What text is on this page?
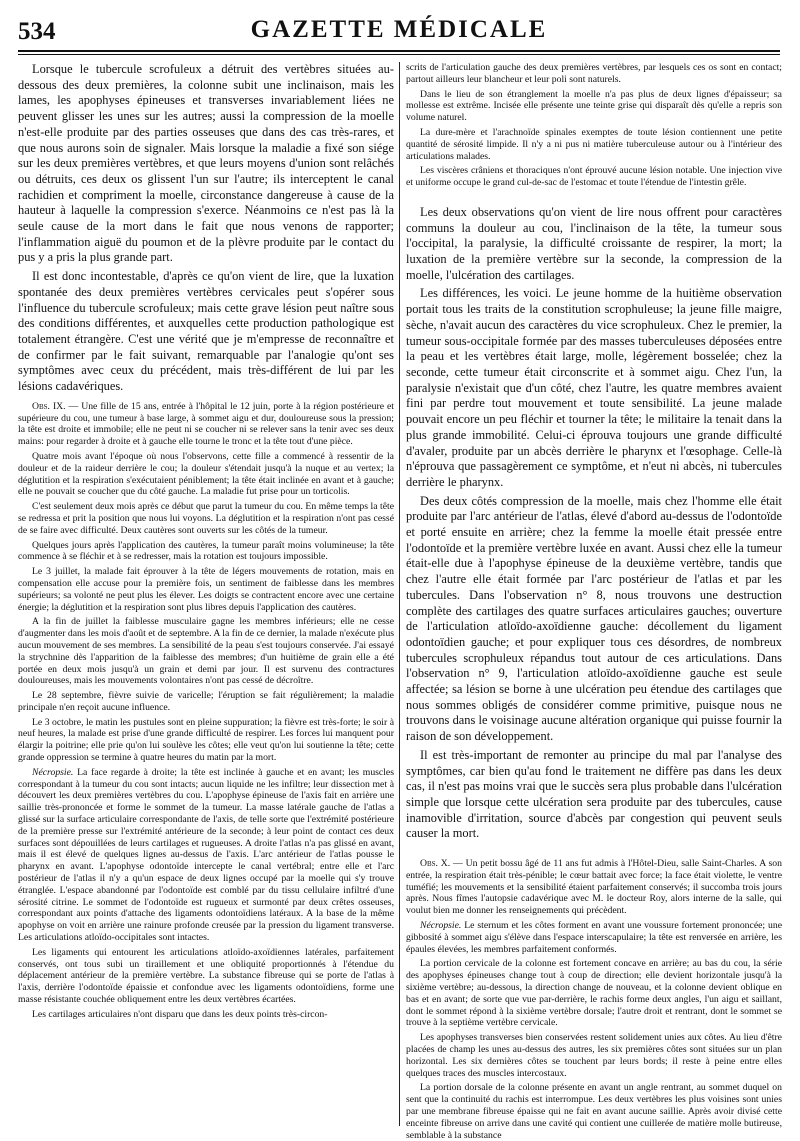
534	GAZETTE MÉDICALE

Lorsque le tubercule scrofuleux a détruit des vertèbres situées au-dessous des deux premières, la colonne subit une inclinaison, mais les lames, les apophyses épineuses et transverses invariablement liées ne peuvent glisser les unes sur les autres; aussi la compression de la moelle n'est-elle produite par des parties osseuses que dans des cas très-rares, et que nous aurons soin de signaler. Mais lorsque la maladie a fixé son siége sur les deux premières vertèbres, et que leurs moyens d'union sont relâchés ou détruits, ces deux os glissent l'un sur l'autre; ils interceptent le canal rachidien et compriment la moelle, circonstance dangereuse à cause de la hauteur à laquelle la compression s'exerce. Néanmoins ce n'est pas là la seule cause de la mort dans le fait que nous venons de rapporter; l'inflammation aiguë du poumon et de la plèvre produite par le contact du pus y a pris la plus grande part.

Il est donc incontestable, d'après ce qu'on vient de lire, que la luxation spontanée des deux premières vertèbres cervicales peut s'opérer sous l'influence du tubercule scrofuleux; mais cette grave lésion peut naître sous des conditions différentes, et auxquelles cette production pathologique est totalement étrangère. C'est une vérité que je m'empresse de reconnaître et de confirmer par le fait suivant, remarquable par l'analogie qu'ont ses symptômes avec ceux du précédent, mais très-différent de lui par les lésions cadavériques.

Obs. IX. — Une fille de 15 ans, entrée à l'hôpital le 12 juin, porte à la région postérieure et supérieure du cou, une tumeur à base large, à sommet aigu et dur, douloureuse sous la pression; la tête est droite et immobile; elle ne peut ni se coucher ni se relever sans la tenir avec ses deux mains: pour regarder à droite et à gauche elle tourne le tronc et la tête tout d'une pièce.

Quatre mois avant l'époque où nous l'observons, cette fille a commencé à ressentir de la douleur et de la raideur derrière le cou; la douleur s'étendait jusqu'à la nuque et au vertex; la déglutition et la respiration s'exécutaient péniblement; la tête était inclinée en avant et à gauche; elle ne pouvait se coucher que du côté gauche. La maladie fut prise pour un torticolis.

C'est seulement deux mois après ce début que parut la tumeur du cou. En même temps la tête se redressa et prit la position que nous lui voyons. La déglutition et la respiration n'ont pas cessé de se faire avec difficulté. Deux cautères sont ouverts sur les côtés de la tumeur.

Quelques jours après l'application des cautères, la tumeur paraît moins volumineuse; la tête commence à se fléchir et à se redresser, mais la rotation est toujours impossible.

Le 3 juillet, la malade fait éprouver à la tête de légers mouvements de rotation, mais en compensation elle accuse pour la première fois, un sentiment de faiblesse dans les membres supérieurs; sa volonté ne peut plus les élever. Les doigts se contractent encore avec une certaine énergie; la déglutition et la respiration sont plus libres depuis l'application des cautères.

A la fin de juillet la faiblesse musculaire gagne les membres inférieurs; elle ne cesse d'augmenter dans les mois d'août et de septembre. A la fin de ce dernier, la malade n'exécute plus aucun mouvement de ses membres. La sensibilité de la peau s'est toujours conservée. J'ai essayé la strychnine dès l'apparition de la faiblesse des membres; d'un huitième de grain elle a été portée en deux mois jusqu'à un grain et demi par jour. Il est survenu des contractures douloureuses, mais les mouvements volontaires n'ont pas cessé de décroître.

Le 28 septembre, fièvre suivie de varicelle; l'éruption se fait régulièrement; la maladie principale n'en reçoit aucune influence.

Le 3 octobre, le matin les pustules sont en pleine suppuration; la fièvre est très-forte; le soir à neuf heures, la malade est prise d'une grande difficulté de respirer. Les forces lui manquent pour élargir la poitrine; elle prie qu'on lui soulève les côtes; elle veut qu'on lui soutienne la tête; cette grande oppression se termine à quatre heures du matin par la mort.

Nécropsie. La face regarde à droite; la tête est inclinée à gauche et en avant; les muscles correspondant à la tumeur du cou sont intacts; aucun liquide ne les infiltre; leur dissection met à découvert les deux premières vertèbres du cou. L'apophyse épineuse de l'axis fait en arrière une saillie très-prononcée et forme le sommet de la tumeur. La masse latérale gauche de l'atlas a glissé sur la surface articulaire correspondante de l'axis, de telle sorte que l'extrémité postérieure de la première presse sur l'extrémité antérieure de la seconde; à leur point de contact ces deux surfaces sont dépouillées de leurs cartilages et rugueuses. A droite l'atlas n'a pas glissé en avant, mais il est élevé de quelques lignes au-dessus de l'axis. L'arc antérieur de l'atlas pousse le pharynx en avant. L'apophyse odontoïde intercepte le canal vertébral; entre elle et l'arc postérieur de l'atlas il n'y a qu'un espace de deux lignes occupé par la moelle qui s'y trouve étranglée. L'espace abandonné par l'odontoïde est comblé par du tissu cellulaire infiltré d'une sérosité citrine. Le sommet de l'odontoïde est rugueux et surmonté par deux crêtes osseuses, correspondant aux points d'attache des ligaments odontoïdiens latéraux. A la base de la même apophyse on voit en arrière une rainure profonde creusée par la pression du ligament transverse. Les articulations atloïdo-occipitales sont intactes.

Les ligaments qui entourent les articulations atloïdo-axoïdiennes latérales, parfaitement conservés, ont tous subi un tiraillement et une obliquité proportionnés à l'étendue du déplacement antérieur de la première vertèbre. La substance fibreuse qui se porte de l'atlas à l'axis, derrière l'odontoïde épaissie et confondue avec les ligaments odontoïdiens, forme une masse résistante couchée obliquement entre les deux vertèbres écartées.

Les cartilages articulaires n'ont disparu que dans les deux points très-circon-

scrits de l'articulation gauche des deux premières vertèbres, par lesquels ces os sont en contact; partout ailleurs leur blancheur et leur poli sont naturels.

Dans le lieu de son étranglement la moelle n'a pas plus de deux lignes d'épaisseur; sa mollesse est extrême. Incisée elle présente une teinte grise qui disparaît dès qu'elle a repris son volume naturel.

La dure-mère et l'arachnoïde spinales exemptes de toute lésion contiennent une petite quantité de sérosité limpide. Il n'y a ni pus ni matière tuberculeuse autour ou à l'intérieur des articulations malades.

Les viscères crâniens et thoraciques n'ont éprouvé aucune lésion notable. Une injection vive et uniforme occupe le grand cul-de-sac de l'estomac et toute l'étendue de l'intestin grêle.

Les deux observations qu'on vient de lire nous offrent pour caractères communs la douleur au cou, l'inclinaison de la tête, la tumeur sous l'occipital, la paralysie, la difficulté croissante de respirer, la mort; la luxation de la première vertèbre sur la seconde, la compression de la moelle, l'ulcération des cartilages.

Les différences, les voici. Le jeune homme de la huitième observation portait tous les traits de la constitution scrophuleuse; la jeune fille maigre, sèche, n'avait aucun des caractères du vice scrophuleux. Chez le premier, la tumeur sous-occipitale formée par des masses tuberculeuses déposées entre la peau et les vertèbres était large, molle, légèrement bosselée; chez la seconde, cette tumeur était circonscrite et à sommet aigu. Chez l'un, la paralysie n'existait que d'un côté, chez l'autre, les quatre membres avaient fini par perdre tout mouvement et toute sensibilité. La jeune malade pouvait encore un peu fléchir et tourner la tête; le militaire la tenait dans la plus grande immobilité. Celui-ci éprouva toujours une grande difficulté d'avaler, produite par un abcès derrière le pharynx et l'œsophage. Celle-là n'éprouva que passagèrement ce symptôme, et n'eut ni abcès, ni tubercules derrière le pharynx.

Des deux côtés compression de la moelle, mais chez l'homme elle était produite par l'arc antérieur de l'atlas, élevé d'abord au-dessus de l'odontoïde et porté ensuite en arrière; chez la femme la moelle était pressée entre l'odontoïde et la première vertèbre luxée en avant. Aussi chez elle la tumeur était-elle due à l'apophyse épineuse de la deuxième vertèbre, tandis que chez l'autre elle était formée par l'arc postérieur de l'atlas et par les tubercules. Dans l'observation n° 8, nous trouvons une destruction complète des cartilages des quatre surfaces articulaires gauches; ouverture de l'articulation atloïdo-axoïdienne gauche: décollement du ligament odontoïdien gauche; et pour expliquer tous ces désordres, de nombreux tubercules scrophuleux répandus tout autour de ces articulations. Dans l'observation n° 9, l'articulation atloïdo-axoïdienne gauche est seule affectée; sa lésion se borne à une ulcération peu étendue des cartilages que nous sommes obligés de considérer comme primitive, puisque nous ne trouvons dans le voisinage aucune altération organique qui puisse fournir la raison de son développement.

Il est très-important de remonter au principe du mal par l'analyse des symptômes, car bien qu'au fond le traitement ne diffère pas dans les deux cas, il n'est pas moins vrai que le succès sera plus probable dans l'ulcération simple que lorsque cette ulcération sera produite par des tubercules, cause inamovible d'irritation, source d'abcès par congestion qui peuvent seuls causer la mort.

Obs. X. — Un petit bossu âgé de 11 ans fut admis à l'Hôtel-Dieu, salle Saint-Charles. A son entrée, la respiration était très-pénible; le cœur battait avec force; la face était violette, le ventre tuméfié; les mouvements et la sensibilité étaient parfaitement conservés; il succomba trois jours après. Nous fîmes l'autopsie cadavérique avec M. le docteur Roy, alors interne de la salle, qui voulut bien me donner les renseignements qui précèdent.

Nécropsie. Le sternum et les côtes forment en avant une voussure fortement prononcée; une gibbosité à sommet aigu s'élève dans l'espace interscapulaire; la tête est renversée en arrière, les épaules élevées, les membres parfaitement conformés.

La portion cervicale de la colonne est fortement concave en arrière; au bas du cou, la série des apophyses épineuses change tout à coup de direction; elle devient horizontale jusqu'à la sixième vertèbre; au-dessous, la direction change de nouveau, et la colonne devient oblique en bas et en avant; de sorte que vue par-derrière, le rachis forme deux angles, l'un aigu et saillant, dont le sommet répond à la sixième vertèbre dorsale; l'autre droit et rentrant, dont le sommet se trouve à la septième vertèbre cervicale.

Les apophyses transverses bien conservées restent solidement unies aux côtes. Au lieu d'être placées de champ les unes au-dessus des autres, les six premières côtes sont situées sur un plan horizontal. Les six dernières côtes se touchent par leurs bords; il reste à peine entre elles quelques traces des muscles intercostaux.

La portion dorsale de la colonne présente en avant un angle rentrant, au sommet duquel on sent que la continuité du rachis est interrompue. Les deux vertèbres les plus voisines sont unies par une membrane fibreuse épaisse qui ne fait en avant aucune saillie. Après avoir divisé cette enceinte fibreuse on arrive dans une cavité qui contient une cuillerée de matière molle butireuse, semblable à la substance
